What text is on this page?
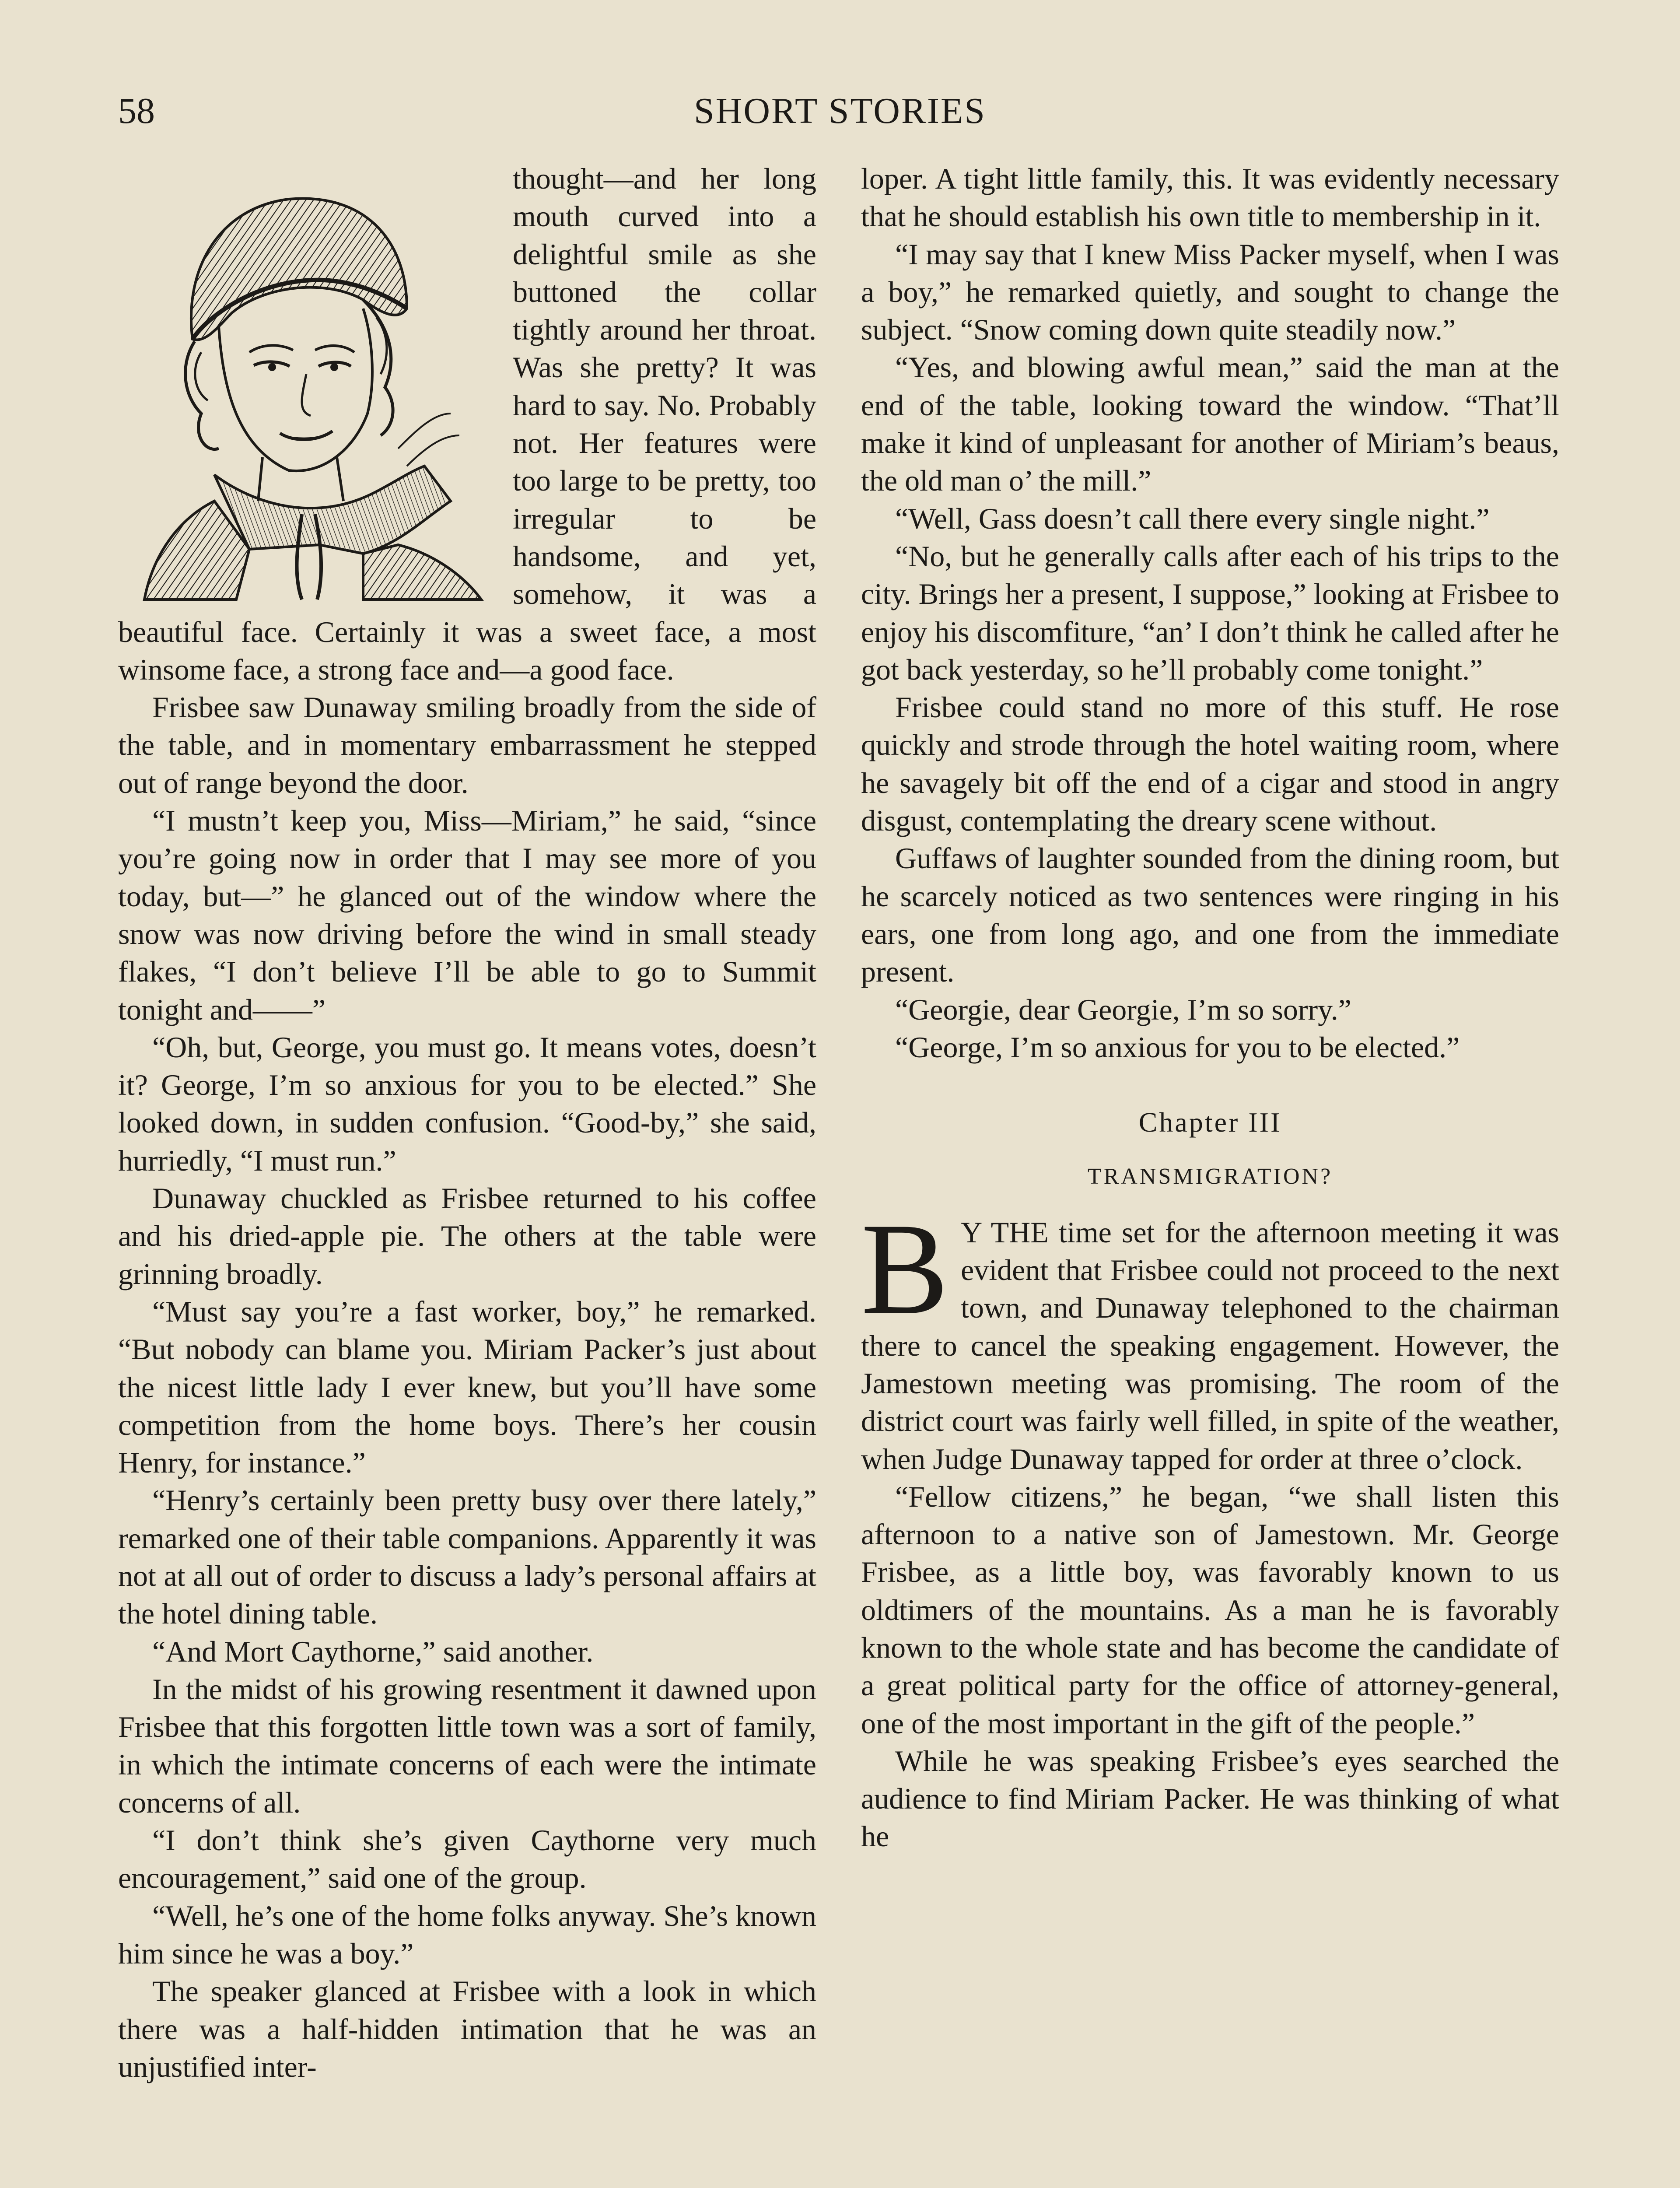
58	SHORT STORIES

thought—and her long mouth curved into a delightful smile as she buttoned the collar tightly around her throat. Was she pretty? It was hard to say. No. Probably not. Her features were too large to be pretty, too irregular to be handsome, and yet, somehow, it was a beautiful face. Certainly it was a sweet face, a most winsome face, a strong face and—a good face.

Frisbee saw Dunaway smiling broadly from the side of the table, and in momentary embarrassment he stepped out of range beyond the door.

“I mustn’t keep you, Miss—Miriam,” he said, “since you’re going now in order that I may see more of you today, but—” he glanced out of the window where the snow was now driving before the wind in small steady flakes, “I don’t believe I’ll be able to go to Summit tonight and——”

“Oh, but, George, you must go. It means votes, doesn’t it? George, I’m so anxious for you to be elected.” She looked down, in sudden confusion. “Good-by,” she said, hurriedly, “I must run.”

Dunaway chuckled as Frisbee returned to his coffee and his dried-apple pie. The others at the table were grinning broadly.

“Must say you’re a fast worker, boy,” he remarked. “But nobody can blame you. Miriam Packer’s just about the nicest little lady I ever knew, but you’ll have some competition from the home boys. There’s her cousin Henry, for instance.”

“Henry’s certainly been pretty busy over there lately,” remarked one of their table companions. Apparently it was not at all out of order to discuss a lady’s personal affairs at the hotel dining table.

“And Mort Caythorne,” said another.

In the midst of his growing resentment it dawned upon Frisbee that this forgotten little town was a sort of family, in which the intimate concerns of each were the intimate concerns of all.

“I don’t think she’s given Caythorne very much encouragement,” said one of the group.

“Well, he’s one of the home folks anyway. She’s known him since he was a boy.”

The speaker glanced at Frisbee with a look in which there was a half-hidden intimation that he was an unjustified inter-

loper. A tight little family, this. It was evidently necessary that he should establish his own title to membership in it.

“I may say that I knew Miss Packer myself, when I was a boy,” he remarked quietly, and sought to change the subject. “Snow coming down quite steadily now.”

“Yes, and blowing awful mean,” said the man at the end of the table, looking toward the window. “That’ll make it kind of unpleasant for another of Miriam’s beaus, the old man o’ the mill.”

“Well, Gass doesn’t call there every single night.”

“No, but he generally calls after each of his trips to the city. Brings her a present, I suppose,” looking at Frisbee to enjoy his discomfiture, “an’ I don’t think he called after he got back yesterday, so he’ll probably come tonight.”

Frisbee could stand no more of this stuff. He rose quickly and strode through the hotel waiting room, where he savagely bit off the end of a cigar and stood in angry disgust, contemplating the dreary scene without.

Guffaws of laughter sounded from the dining room, but he scarcely noticed as two sentences were ringing in his ears, one from long ago, and one from the immediate present.

“Georgie, dear Georgie, I’m so sorry.”

“George, I’m so anxious for you to be elected.”

Chapter III
TRANSMIGRATION?

B Y THE time set for the afternoon meeting it was evident that Frisbee could not proceed to the next town, and Dunaway telephoned to the chairman there to cancel the speaking engagement. However, the Jamestown meeting was promising. The room of the district court was fairly well filled, in spite of the weather, when Judge Dunaway tapped for order at three o’clock.

“Fellow citizens,” he began, “we shall listen this afternoon to a native son of Jamestown. Mr. George Frisbee, as a little boy, was favorably known to us oldtimers of the mountains. As a man he is favorably known to the whole state and has become the candidate of a great political party for the office of attorney-general, one of the most important in the gift of the people.”

While he was speaking Frisbee’s eyes searched the audience to find Miriam Packer. He was thinking of what he
